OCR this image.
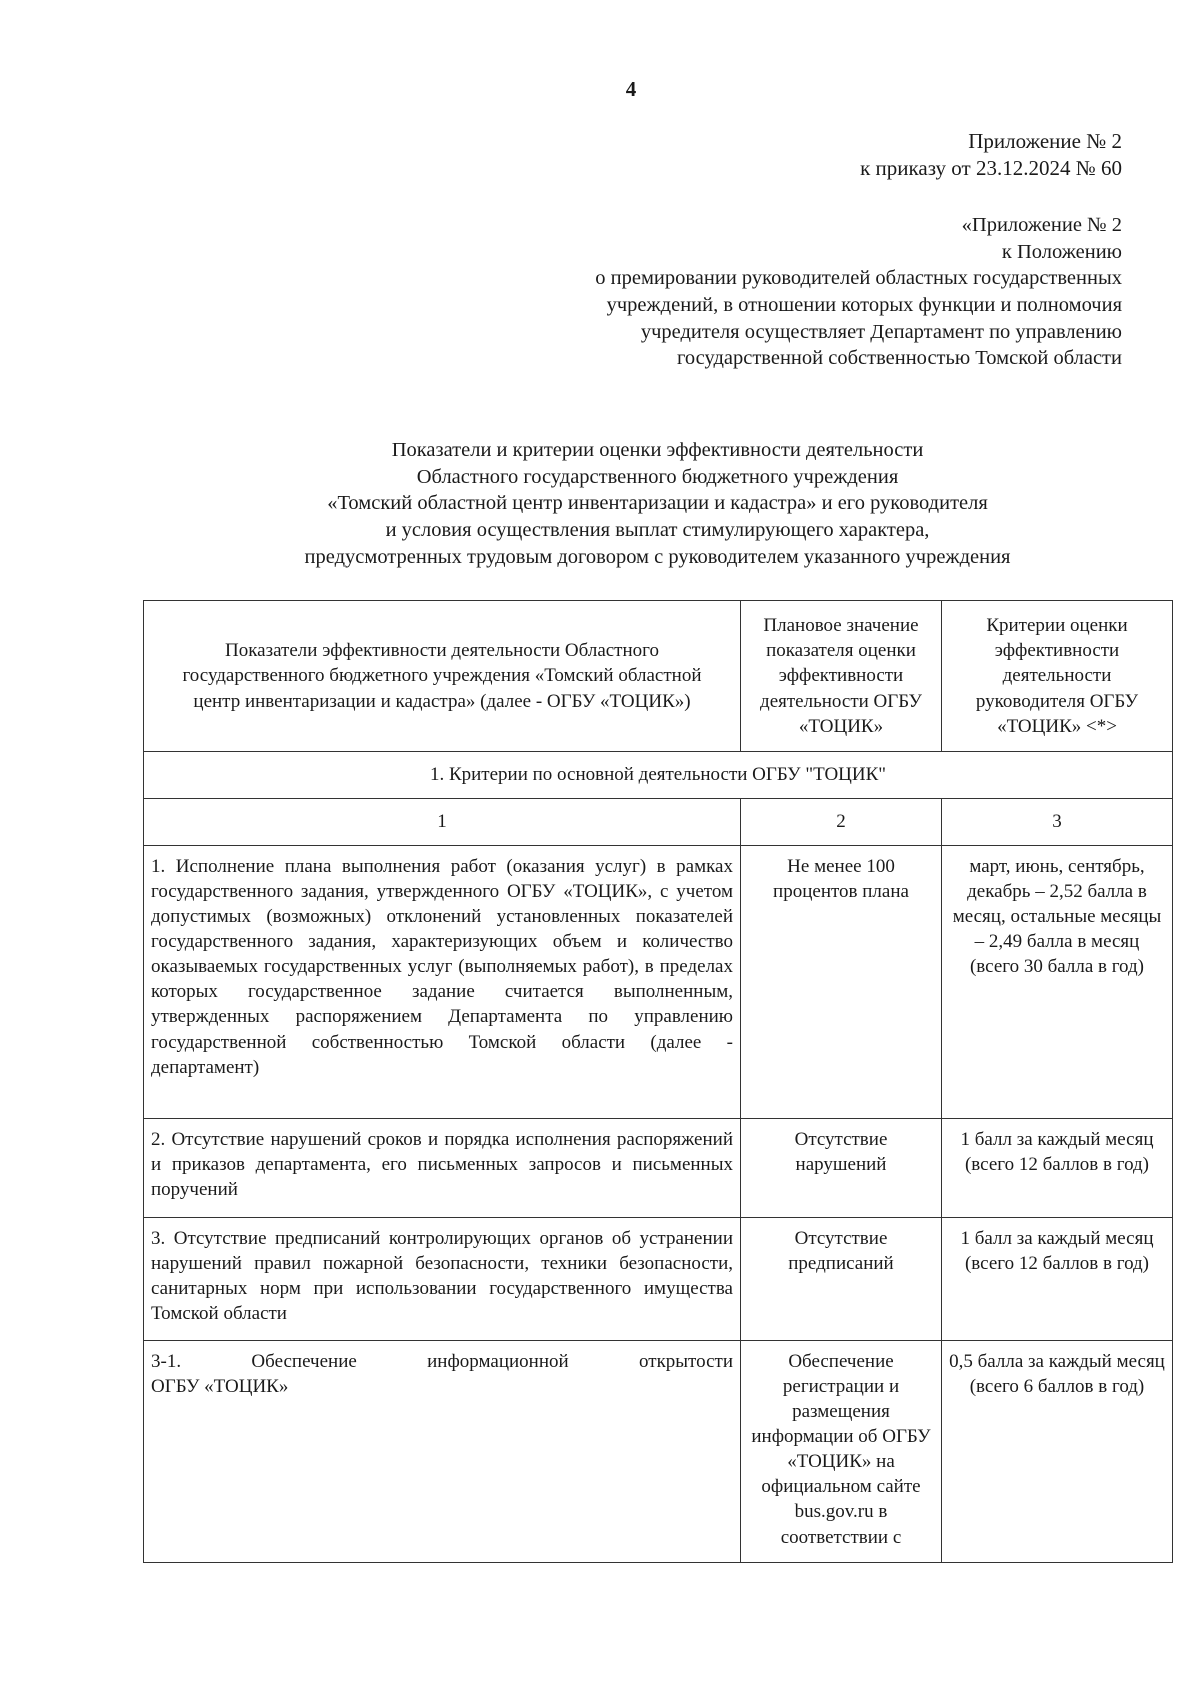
4
Приложение № 2
к приказу от 23.12.2024 № 60
«Приложение № 2
к Положению
о премировании руководителей областных государственных
учреждений, в отношении которых функции и полномочия
учредителя осуществляет Департамент по управлению
государственной собственностью Томской области
Показатели и критерии оценки эффективности деятельности
Областного государственного бюджетного учреждения
«Томский областной центр инвентаризации и кадастра» и его руководителя
и условия осуществления выплат стимулирующего характера,
предусмотренных трудовым договором с руководителем указанного учреждения
Показатели эффективности деятельности Областного государственного бюджетного учреждения «Томский областной центр инвентаризации и кадастра» (далее - ОГБУ «ТОЦИК»)	Плановое значение показателя оценки эффективности деятельности ОГБУ «ТОЦИК»	Критерии оценки эффективности деятельности руководителя ОГБУ «ТОЦИК» <*>
1. Критерии по основной деятельности ОГБУ "ТОЦИК"		
1	2	3
1. Исполнение плана выполнения работ (оказания услуг) в рамках государственного задания, утвержденного ОГБУ «ТОЦИК», с учетом допустимых (возможных) отклонений установленных показателей государственного задания, характеризующих объем и количество оказываемых государственных услуг (выполняемых работ), в пределах которых государственное задание считается выполненным, утвержденных распоряжением Департамента по управлению государственной собственностью Томской области (далее - департамент)	Не менее 100 процентов плана	март, июнь, сентябрь, декабрь – 2,52 балла в месяц, остальные месяцы – 2,49 балла в месяц (всего 30 балла в год)
2. Отсутствие нарушений сроков и порядка исполнения распоряжений и приказов департамента, его письменных запросов и письменных поручений	Отсутствие нарушений	1 балл за каждый месяц (всего 12 баллов в год)
3. Отсутствие предписаний контролирующих органов об устранении нарушений правил пожарной безопасности, техники безопасности, санитарных норм при использовании государственного имущества Томской области	Отсутствие предписаний	1 балл за каждый месяц (всего 12 баллов в год)

3-1. Обеспечение информационной открытости
ОГБУ «ТОЦИК»	Обеспечение регистрации и размещения информации об ОГБУ «ТОЦИК» на официальном сайте bus.gov.ru в соответствии с	0,5 балла за каждый месяц (всего 6 баллов в год)
